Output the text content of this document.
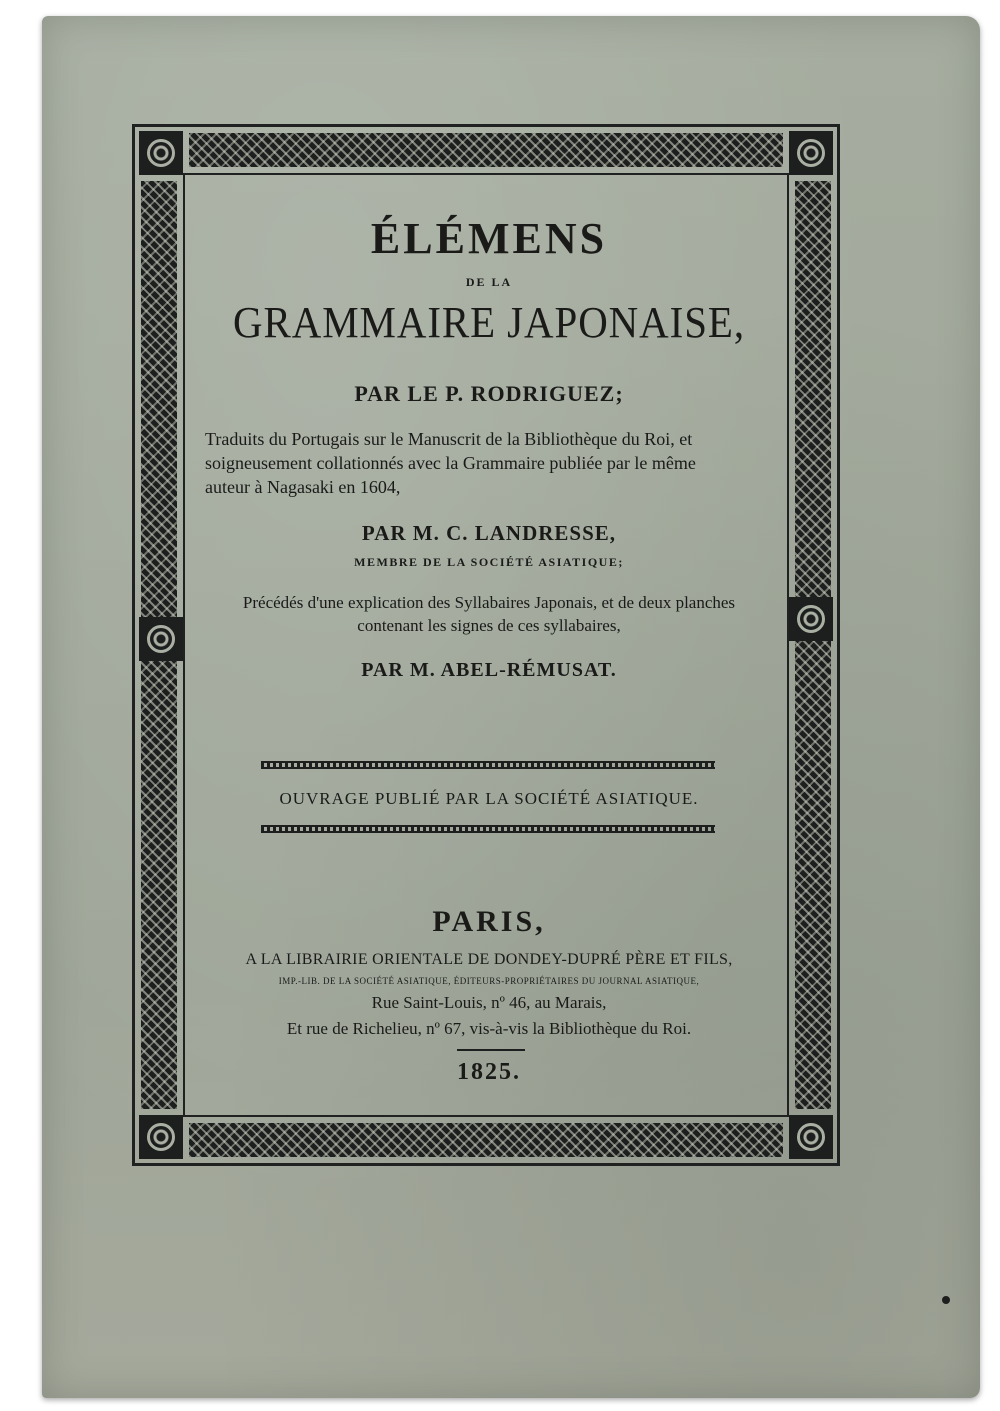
ÉLÉMENS
DE LA
GRAMMAIRE JAPONAISE,
PAR LE P. RODRIGUEZ;
Traduits du Portugais sur le Manuscrit de la Bibliothèque du Roi, et
soigneusement collationnés avec la Grammaire publiée par le même
auteur à Nagasaki en 1604,
PAR M. C. LANDRESSE,
MEMBRE DE LA SOCIÉTÉ ASIATIQUE;
Précédés d'une explication des Syllabaires Japonais, et de deux planches
contenant les signes de ces syllabaires,
PAR M. ABEL-RÉMUSAT.
OUVRAGE PUBLIÉ PAR LA SOCIÉTÉ ASIATIQUE.
PARIS,
A LA LIBRAIRIE ORIENTALE DE DONDEY-DUPRÉ PÈRE ET FILS,
IMP.-LIB. DE LA SOCIÉTÉ ASIATIQUE, ÉDITEURS-PROPRIÉTAIRES DU JOURNAL ASIATIQUE,
Rue Saint-Louis, nº 46, au Marais,
Et rue de Richelieu, nº 67, vis-à-vis la Bibliothèque du Roi.
1825.
